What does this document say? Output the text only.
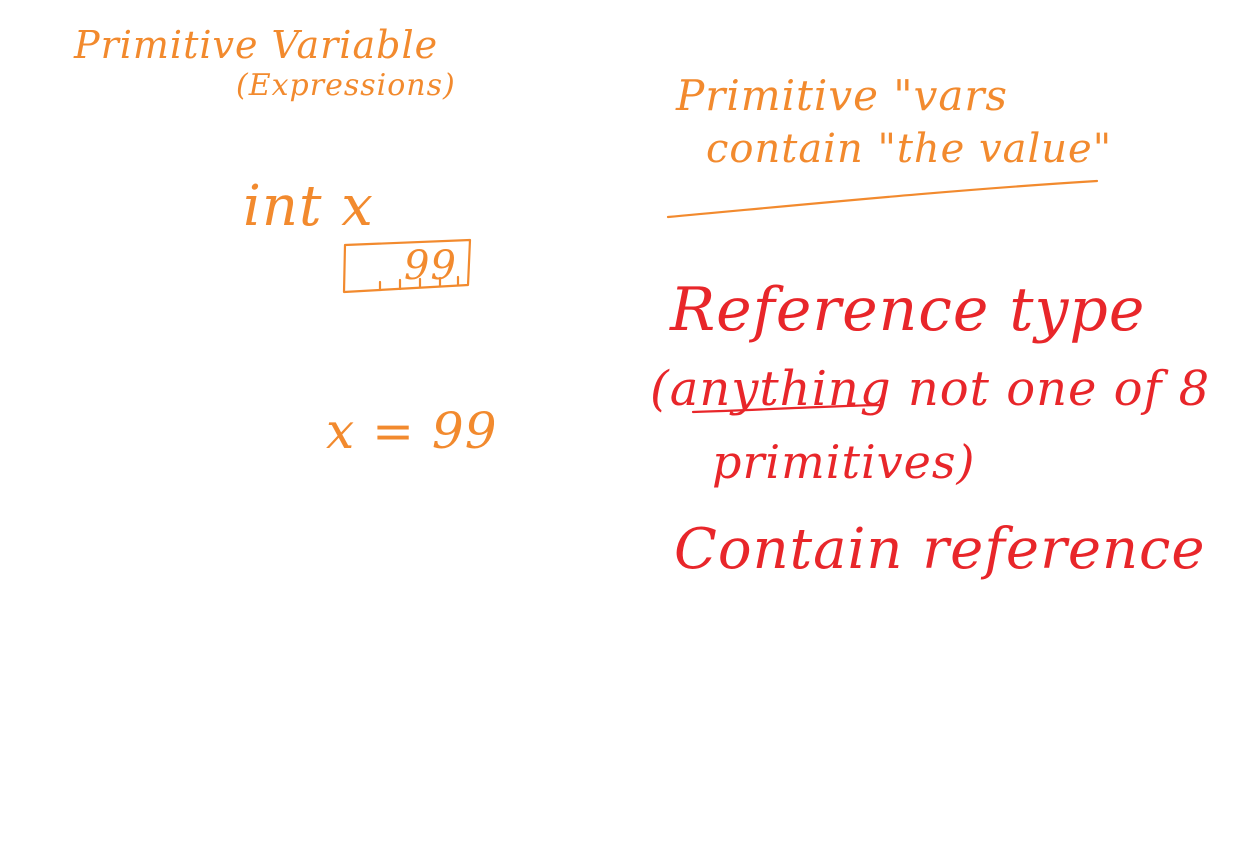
Primitive Variable
(Expressions)
int x
99
x = 99
Primitive "vars
contain "the value"
Reference type
(anything not one of 8
primitives)
Contain reference
